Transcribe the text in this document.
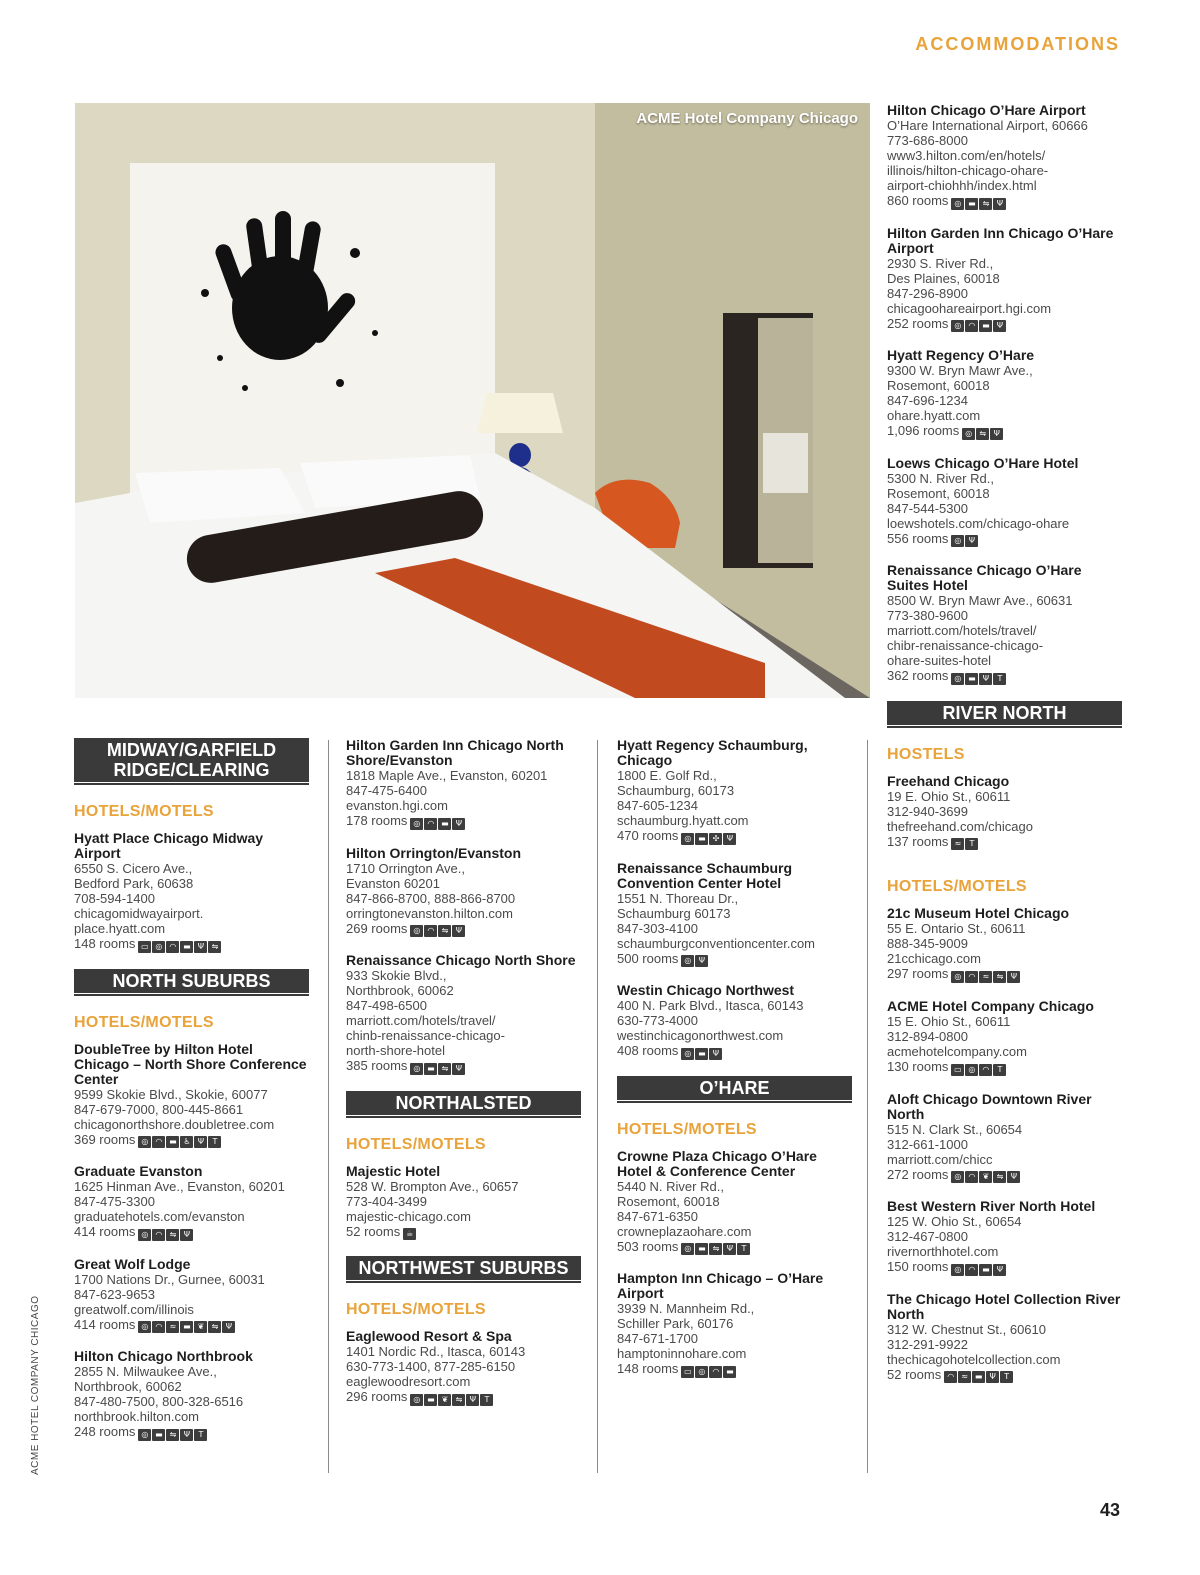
ACCOMMODATIONS
ACME Hotel Company Chicago
MIDWAY/GARFIELD RIDGE/CLEARING
HOTELS/MOTELS
Hyatt Place Chicago Midway Airport
6550 S. Cicero Ave.,
Bedford Park, 60638
708-594-1400
chicagomidwayairport.
place.hyatt.com
148 rooms ▭ ◎ ◠ ▬ Ψ ⇋
NORTH SUBURBS
HOTELS/MOTELS
DoubleTree by Hilton Hotel Chicago – North Shore Conference Center
9599 Skokie Blvd., Skokie, 60077
847-679-7000, 800-445-8661
chicagonorthshore.doubletree.com
369 rooms ◎ ◠ ▬ ♿ Ψ T
Graduate Evanston
1625 Hinman Ave., Evanston, 60201
847-475-3300
graduatehotels.com/evanston
414 rooms ◎ ◠ ⇋ Ψ
Great Wolf Lodge
1700 Nations Dr., Gurnee, 60031
847-623-9653
greatwolf.com/illinois
414 rooms ◎ ◠ ≈ ▬ ❦ ⇋ Ψ
Hilton Chicago Northbrook
2855 N. Milwaukee Ave.,
Northbrook, 60062
847-480-7500, 800-328-6516
northbrook.hilton.com
248 rooms ◎ ▬ ⇋ Ψ T
Hilton Garden Inn Chicago North Shore/Evanston
1818 Maple Ave., Evanston, 60201
847-475-6400
evanston.hgi.com
178 rooms ◎ ◠ ▬ Ψ
Hilton Orrington/Evanston
1710 Orrington Ave.,
Evanston 60201
847-866-8700, 888-866-8700
orringtonevanston.hilton.com
269 rooms ◎ ◠ ⇋ Ψ
Renaissance Chicago North Shore
933 Skokie Blvd.,
Northbrook, 60062
847-498-6500
marriott.com/hotels/travel/
chinb-renaissance-chicago-
north-shore-hotel
385 rooms ◎ ▬ ⇋ Ψ
NORTHALSTED
HOTELS/MOTELS
Majestic Hotel
528 W. Brompton Ave., 60657
773-404-3499
majestic-chicago.com
52 rooms ☕
NORTHWEST SUBURBS
HOTELS/MOTELS
Eaglewood Resort & Spa
1401 Nordic Rd., Itasca, 60143
630-773-1400, 877-285-6150
eaglewoodresort.com
296 rooms ◎ ▬ ❦ ⇋ Ψ T
Hyatt Regency Schaumburg, Chicago
1800 E. Golf Rd.,
Schaumburg, 60173
847-605-1234
schaumburg.hyatt.com
470 rooms ◎ ▬ ✣ Ψ
Renaissance Schaumburg Convention Center Hotel
1551 N. Thoreau Dr.,
Schaumburg 60173
847-303-4100
schaumburgconventioncenter.com
500 rooms ◎ Ψ
Westin Chicago Northwest
400 N. Park Blvd., Itasca, 60143
630-773-4000
westinchicagonorthwest.com
408 rooms ◎ ▬ Ψ
O’HARE
HOTELS/MOTELS
Crowne Plaza Chicago O’Hare Hotel & Conference Center
5440 N. River Rd.,
Rosemont, 60018
847-671-6350
crowneplazaohare.com
503 rooms ◎ ▬ ⇋ Ψ T
Hampton Inn Chicago – O’Hare Airport
3939 N. Mannheim Rd.,
Schiller Park, 60176
847-671-1700
hamptoninnohare.com
148 rooms ▭ ◎ ◠ ▬
Hilton Chicago O’Hare Airport
O’Hare International Airport, 60666
773-686-8000
www3.hilton.com/en/hotels/
illinois/hilton-chicago-ohare-
airport-chiohhh/index.html
860 rooms ◎ ▬ ⇋ Ψ
Hilton Garden Inn Chicago O’Hare Airport
2930 S. River Rd.,
Des Plaines, 60018
847-296-8900
chicagooharеairport.hgi.com
252 rooms ◎ ◠ ▬ Ψ
Hyatt Regency O’Hare
9300 W. Bryn Mawr Ave.,
Rosemont, 60018
847-696-1234
ohare.hyatt.com
1,096 rooms ◎ ⇋ Ψ
Loews Chicago O’Hare Hotel
5300 N. River Rd.,
Rosemont, 60018
847-544-5300
loewshotels.com/chicago-ohare
556 rooms ◎ Ψ
Renaissance Chicago O’Hare Suites Hotel
8500 W. Bryn Mawr Ave., 60631
773-380-9600
marriott.com/hotels/travel/
chibr-renaissance-chicago-
ohare-suites-hotel
362 rooms ◎ ▬ Ψ T
RIVER NORTH
HOSTELS
Freehand Chicago
19 E. Ohio St., 60611
312-940-3699
thefreehand.com/chicago
137 rooms ≈ T
HOTELS/MOTELS
21c Museum Hotel Chicago
55 E. Ontario St., 60611
888-345-9009
21cchicago.com
297 rooms ◎ ◠ ≈ ⇋ Ψ
ACME Hotel Company Chicago
15 E. Ohio St., 60611
312-894-0800
acmehotelcompany.com
130 rooms ▭ ◎ ◠ T
Aloft Chicago Downtown River North
515 N. Clark St., 60654
312-661-1000
marriott.com/chicc
272 rooms ◎ ◠ ❦ ⇋ Ψ
Best Western River North Hotel
125 W. Ohio St., 60654
312-467-0800
rivernorthhotel.com
150 rooms ◎ ◠ ▬ Ψ
The Chicago Hotel Collection River North
312 W. Chestnut St., 60610
312-291-9922
thechicagohotelcollection.com
52 rooms ◠ ≈ ▬ Ψ T
ACME HOTEL COMPANY CHICAGO
43
